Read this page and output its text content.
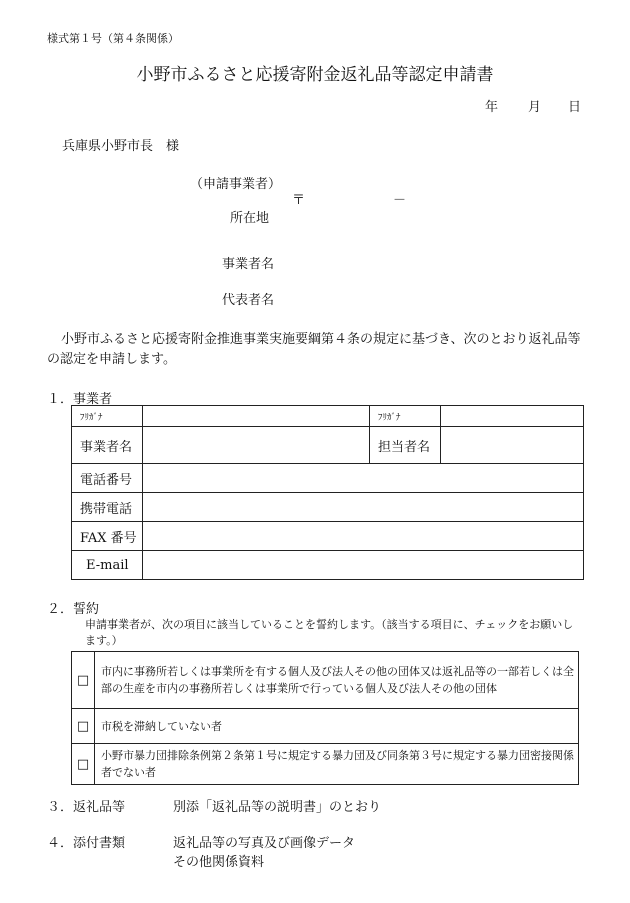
様式第１号（第４条関係）
小野市ふるさと応援寄附金返礼品等認定申請書
年 月 日
兵庫県小野市長　様
（申請事業者）
〒	－
所在地
事業者名
代表者名
小野市ふるさと応援寄附金推進事業実施要綱第４条の規定に基づき、次のとおり返礼品等の認定を申請します。
１．事業者
ﾌﾘｶﾞﾅ		ﾌﾘｶﾞﾅ	
事業者名		担当者名	
電話番号			
携帯電話			
FAX 番号			
E-mail			
２．誓約
申請事業者が、次の項目に該当していることを誓約します。（該当する項目に、チェックをお願いします。）
□	市内に事務所若しくは事業所を有する個人及び法人その他の団体又は返礼品等の一部若しくは全部の生産を市内の事務所若しくは事業所で行っている個人及び法人その他の団体
□	市税を滞納していない者
□	小野市暴力団排除条例第２条第１号に規定する暴力団及び同条第３号に規定する暴力団密接関係者でない者
３．返礼品等	別添「返礼品等の説明書」のとおり
４．添付書類	返礼品等の写真及び画像データ
その他関係資料
